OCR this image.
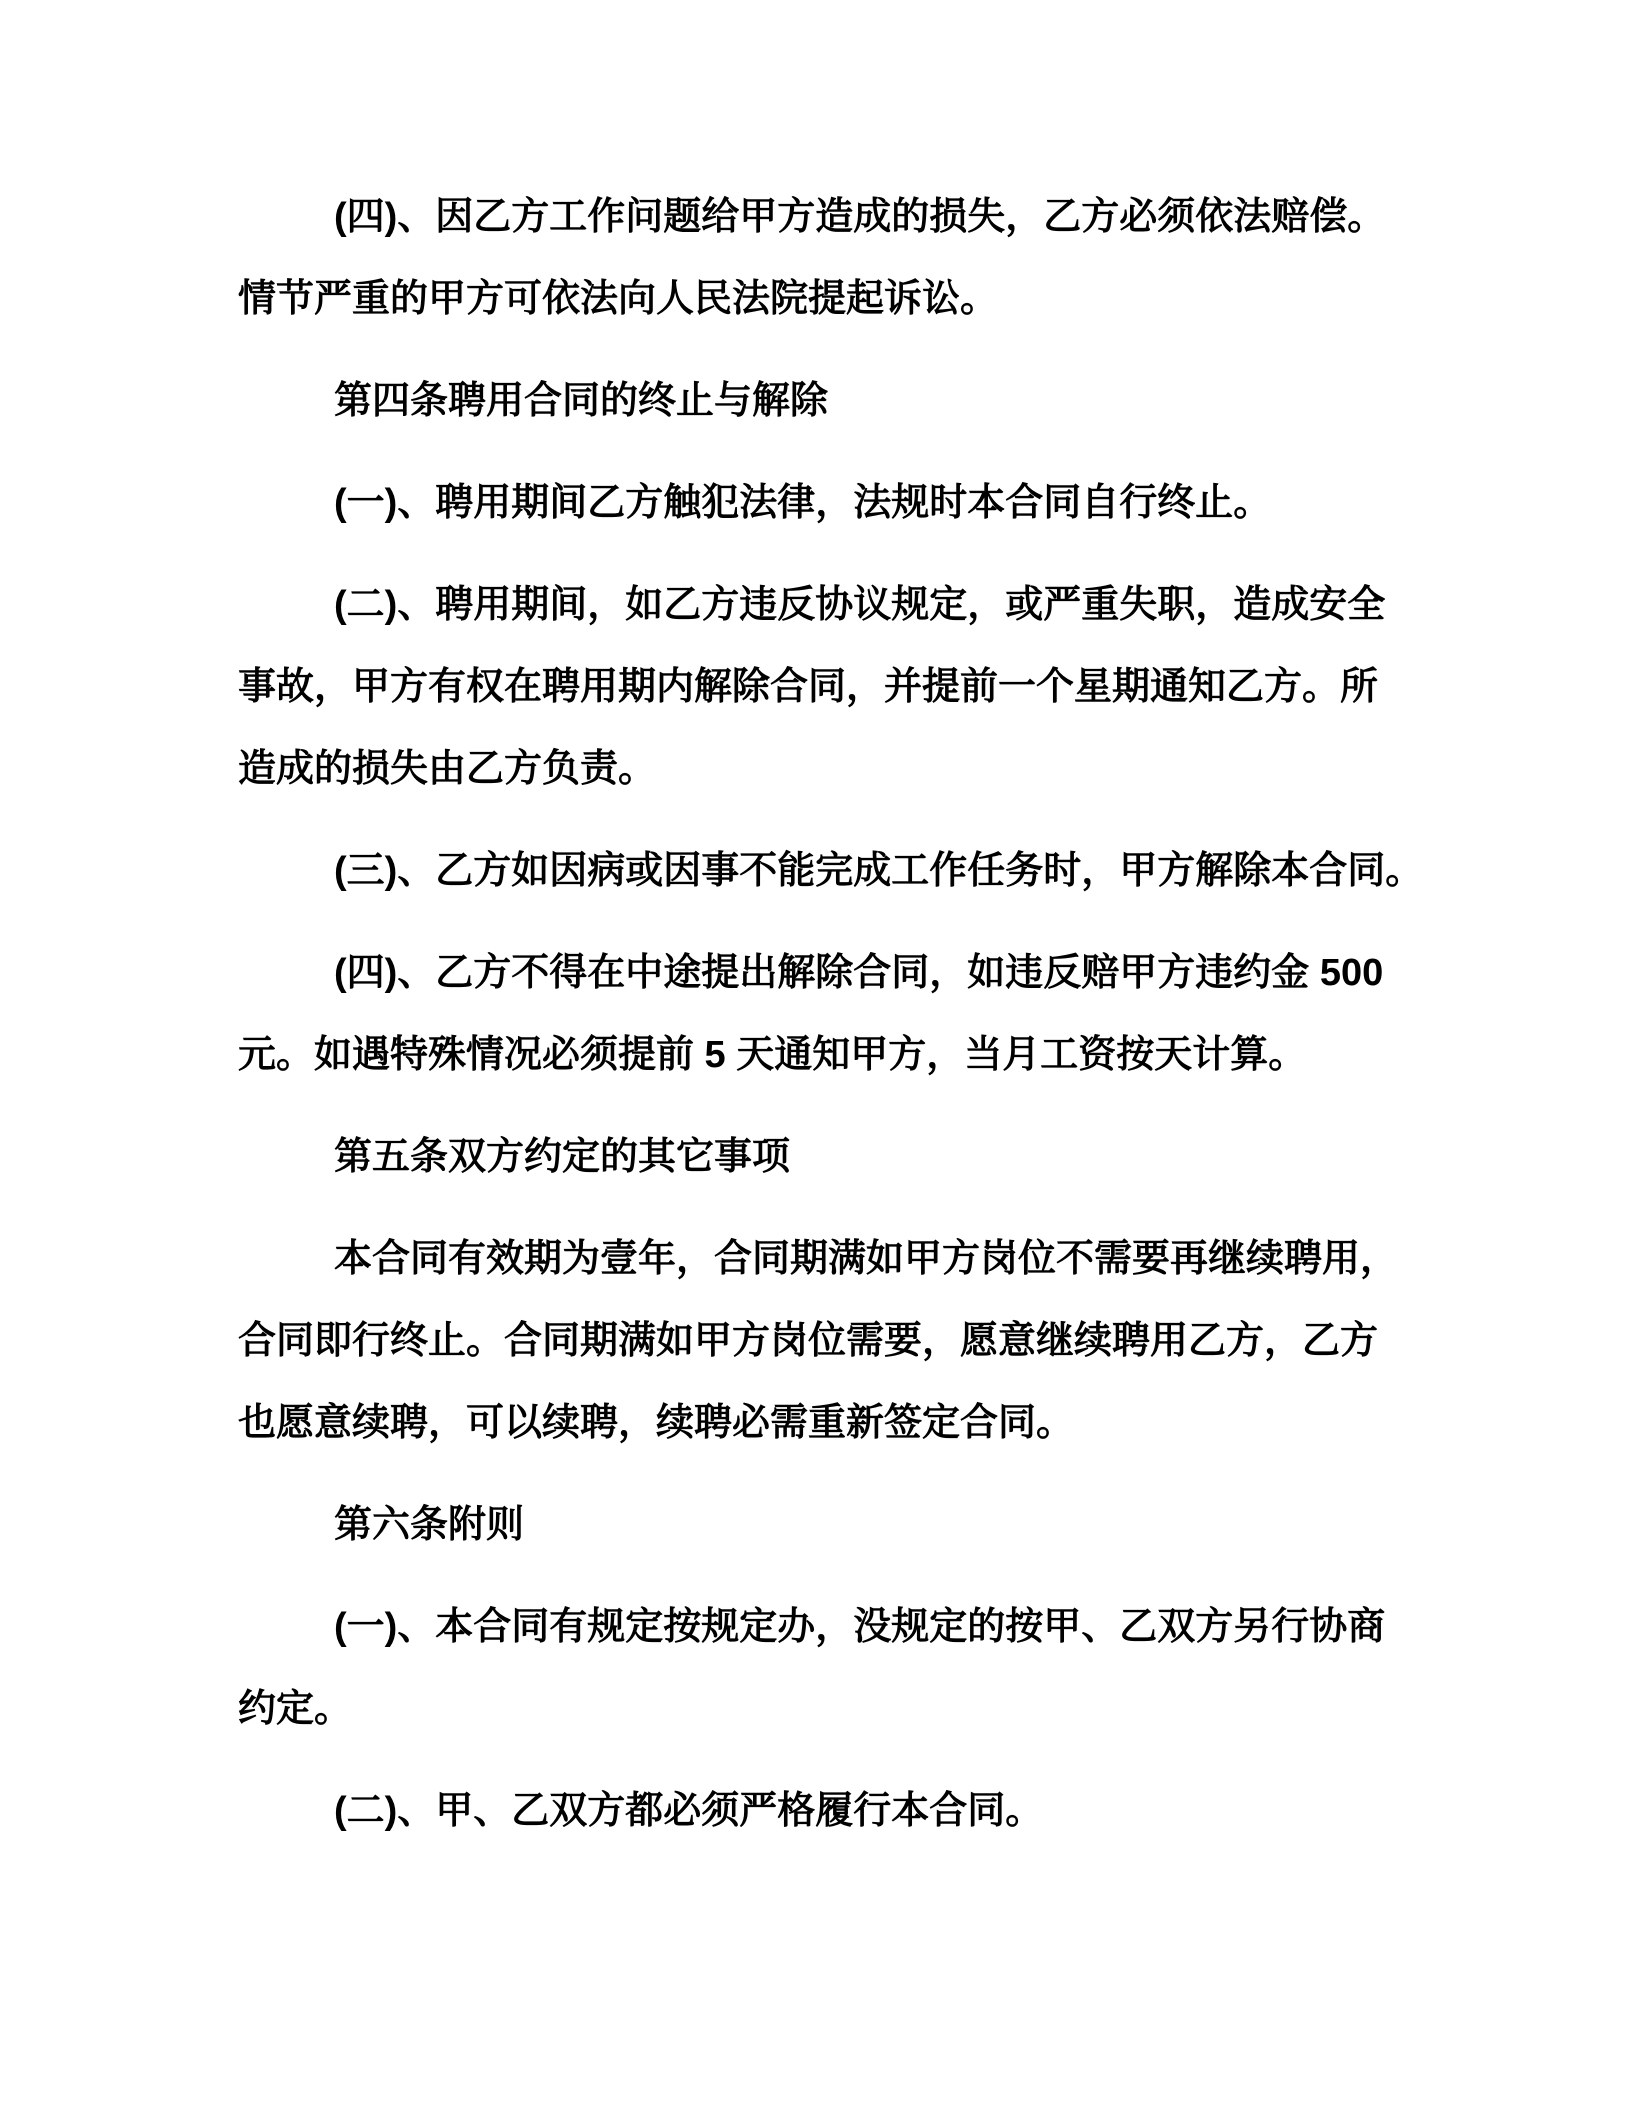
(四)、因乙方工作问题给甲方造成的损失，乙方必须依法赔偿。
情节严重的甲方可依法向人民法院提起诉讼。
第四条聘用合同的终止与解除
(一)、聘用期间乙方触犯法律，法规时本合同自行终止。
(二)、聘用期间，如乙方违反协议规定，或严重失职，造成安全
事故，甲方有权在聘用期内解除合同，并提前一个星期通知乙方。所
造成的损失由乙方负责。
(三)、乙方如因病或因事不能完成工作任务时，甲方解除本合同。
(四)、乙方不得在中途提出解除合同，如违反赔甲方违约金 500
元。如遇特殊情况必须提前 5 天通知甲方，当月工资按天计算。
第五条双方约定的其它事项
本合同有效期为壹年，合同期满如甲方岗位不需要再继续聘用，
合同即行终止。合同期满如甲方岗位需要，愿意继续聘用乙方，乙方
也愿意续聘，可以续聘，续聘必需重新签定合同。
第六条附则
(一)、本合同有规定按规定办，没规定的按甲、乙双方另行协商
约定。
(二)、甲、乙双方都必须严格履行本合同。
